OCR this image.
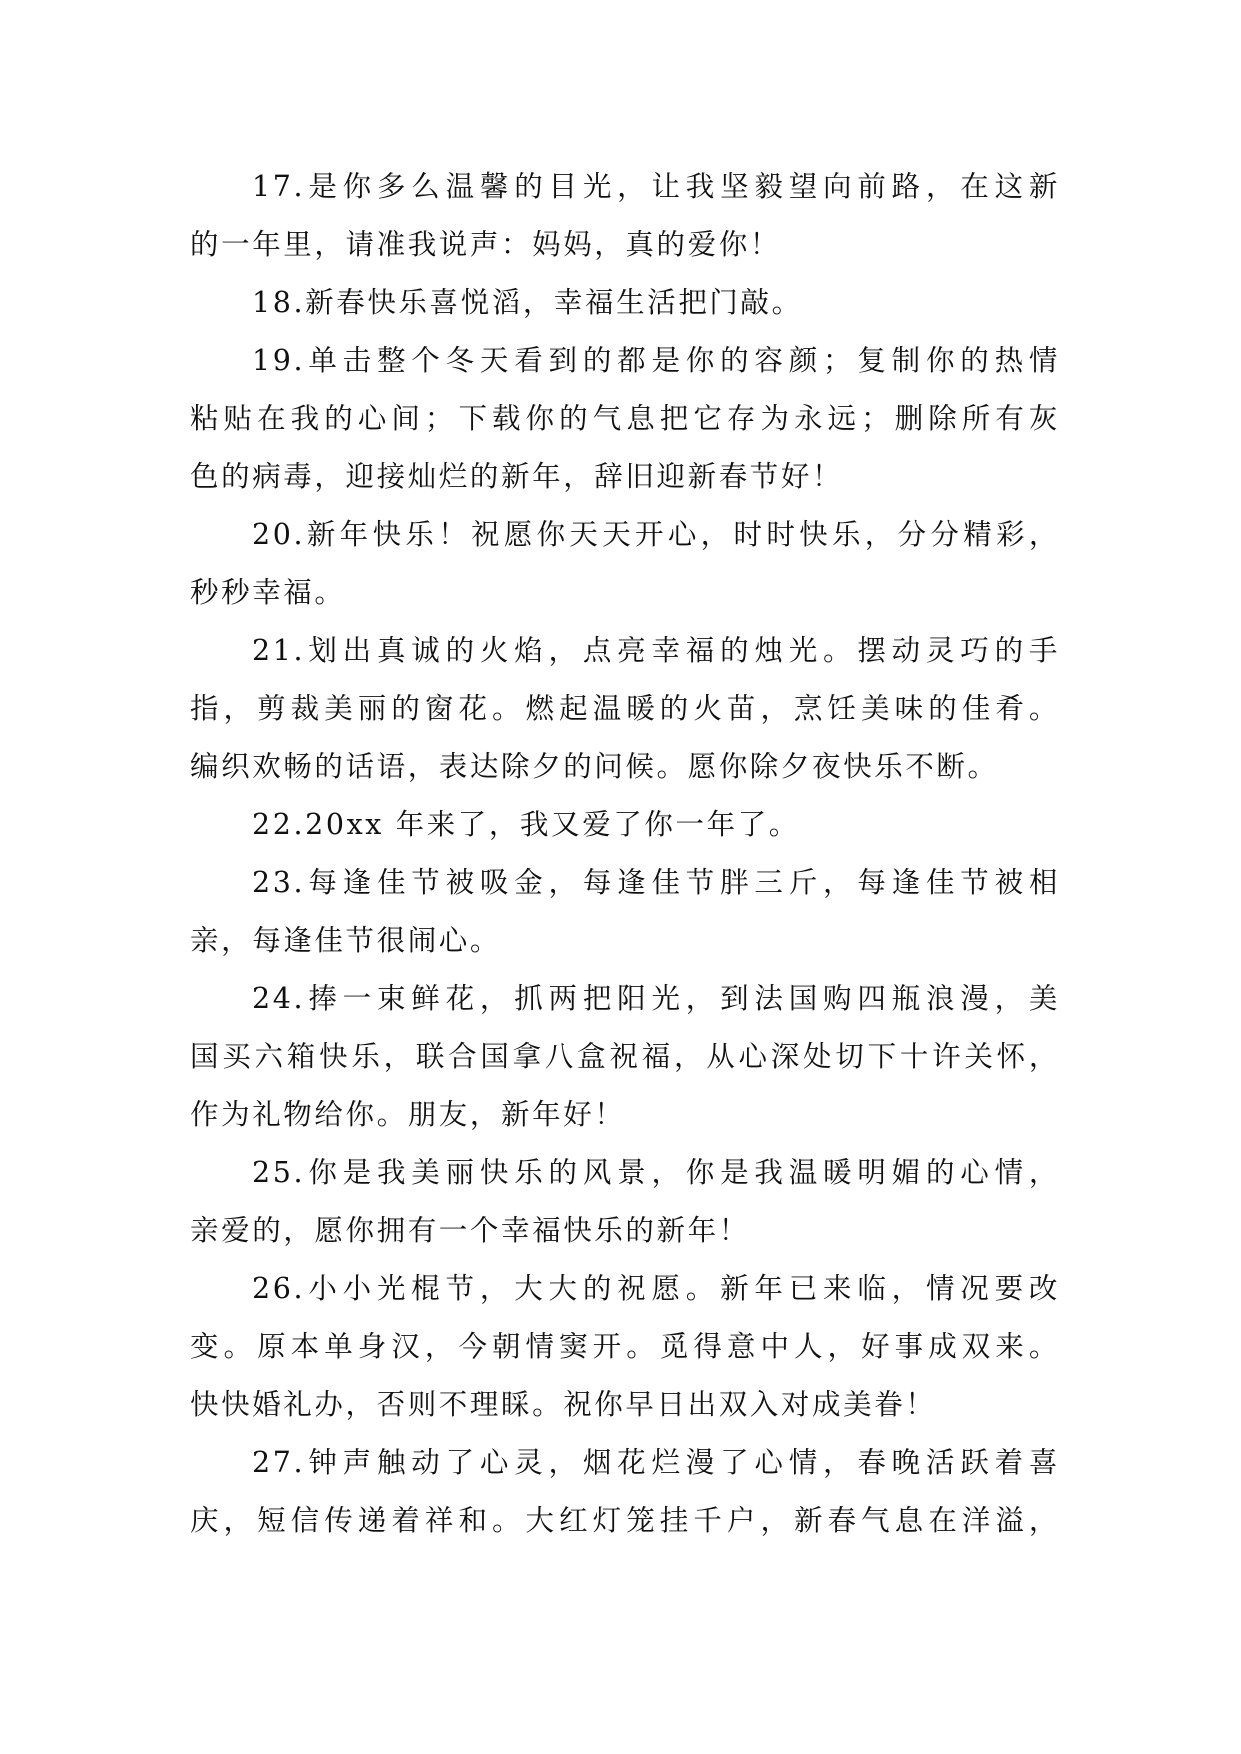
17.是你多么温馨的目光，让我坚毅望向前路，在这新
的一年里，请准我说声：妈妈，真的爱你！
18.新春快乐喜悦滔，幸福生活把门敲。
19.单击整个冬天看到的都是你的容颜；复制你的热情
粘贴在我的心间；下载你的气息把它存为永远；删除所有灰
色的病毒，迎接灿烂的新年，辞旧迎新春节好！
20.新年快乐！祝愿你天天开心，时时快乐，分分精彩，
秒秒幸福。
21.划出真诚的火焰，点亮幸福的烛光。摆动灵巧的手
指，剪裁美丽的窗花。燃起温暖的火苗，烹饪美味的佳肴。
编织欢畅的话语，表达除夕的问候。愿你除夕夜快乐不断。
22.20xx 年来了，我又爱了你一年了。
23.每逢佳节被吸金，每逢佳节胖三斤，每逢佳节被相
亲，每逢佳节很闹心。
24.捧一束鲜花，抓两把阳光，到法国购四瓶浪漫，美
国买六箱快乐，联合国拿八盒祝福，从心深处切下十许关怀，
作为礼物给你。朋友，新年好！
25.你是我美丽快乐的风景，你是我温暖明媚的心情，
亲爱的，愿你拥有一个幸福快乐的新年！
26.小小光棍节，大大的祝愿。新年已来临，情况要改
变。原本单身汉，今朝情窦开。觅得意中人，好事成双来。
快快婚礼办，否则不理睬。祝你早日出双入对成美眷！
27.钟声触动了心灵，烟花烂漫了心情，春晚活跃着喜
庆，短信传递着祥和。大红灯笼挂千户，新春气息在洋溢，
